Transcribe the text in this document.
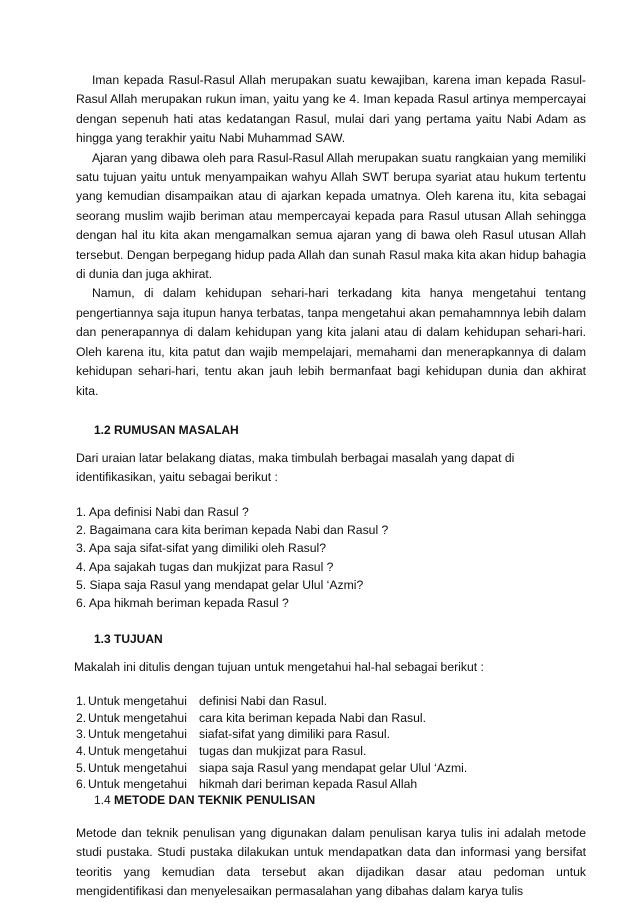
Iman kepada Rasul-Rasul Allah merupakan suatu kewajiban, karena iman kepada Rasul-Rasul Allah merupakan rukun iman, yaitu yang ke 4. Iman kepada Rasul artinya mempercayai dengan sepenuh hati atas kedatangan Rasul, mulai dari yang pertama yaitu Nabi Adam as hingga yang terakhir yaitu Nabi Muhammad SAW.

Ajaran yang dibawa oleh para Rasul-Rasul Allah merupakan suatu rangkaian yang memiliki satu tujuan yaitu untuk menyampaikan wahyu Allah SWT berupa syariat atau hukum tertentu yang kemudian disampaikan atau di ajarkan kepada umatnya. Oleh karena itu, kita sebagai seorang muslim wajib beriman atau mempercayai kepada para Rasul utusan Allah sehingga dengan hal itu kita akan mengamalkan semua ajaran yang di bawa oleh Rasul utusan Allah tersebut. Dengan berpegang hidup pada Allah dan sunah Rasul maka kita akan hidup bahagia di dunia dan juga akhirat.

Namun, di dalam kehidupan sehari-hari terkadang kita hanya mengetahui tentang pengertiannya saja itupun hanya terbatas, tanpa mengetahui akan pemahamnnya lebih dalam dan penerapannya di dalam kehidupan yang kita jalani atau di dalam kehidupan sehari-hari. Oleh karena itu, kita patut dan wajib mempelajari, memahami dan menerapkannya di dalam kehidupan sehari-hari, tentu akan jauh lebih bermanfaat bagi kehidupan dunia dan akhirat kita.

1.2 RUMUSAN MASALAH

Dari uraian latar belakang diatas, maka timbulah berbagai masalah yang dapat di

identifikasikan, yaitu sebagai berikut :

1. Apa definisi Nabi dan Rasul ?
2. Bagaimana cara kita beriman kepada Nabi dan Rasul ?
3. Apa saja sifat-sifat yang dimiliki oleh Rasul?
4. Apa sajakah tugas dan mukjizat para Rasul ?
5. Siapa saja Rasul yang mendapat gelar Ulul ‘Azmi?
6. Apa hikmah beriman kepada Rasul ?
1.3 TUJUAN

Makalah ini ditulis dengan tujuan untuk mengetahui hal-hal sebagai berikut :

1. Untuk mengetahui definisi Nabi dan Rasul.
2. Untuk mengetahui cara kita beriman kepada Nabi dan Rasul.
3. Untuk mengetahui siafat-sifat yang dimiliki para Rasul.
4. Untuk mengetahui tugas dan mukjizat para Rasul.
5. Untuk mengetahui siapa saja Rasul yang mendapat gelar Ulul ‘Azmi.
6. Untuk mengetahui hikmah dari beriman kepada Rasul Allah
1.4 METODE DAN TEKNIK PENULISAN

Metode dan teknik penulisan yang digunakan dalam penulisan karya tulis ini adalah metode studi pustaka. Studi pustaka dilakukan untuk mendapatkan data dan informasi yang bersifat teoritis yang kemudian data tersebut akan dijadikan dasar atau pedoman untuk mengidentifikasi dan menyelesaikan permasalahan yang dibahas dalam karya tulis
